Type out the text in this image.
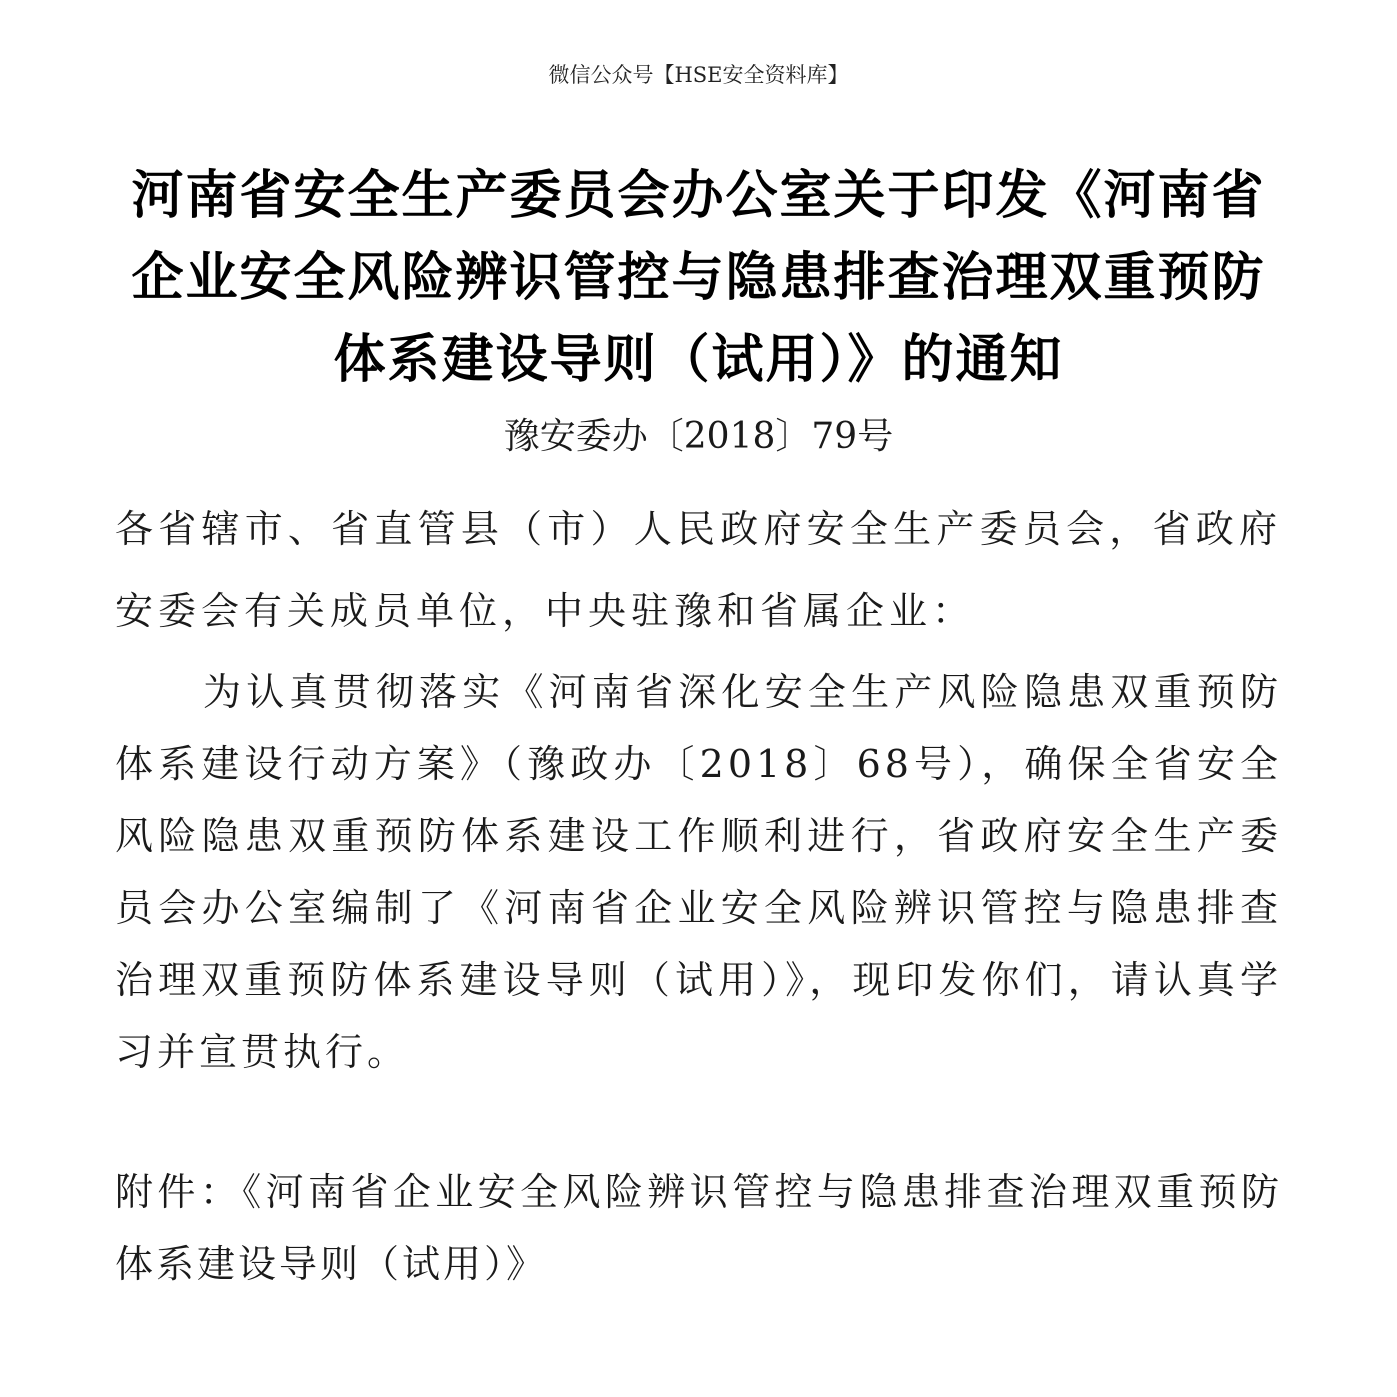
微信公众号【HSE安全资料库】
河南省安全生产委员会办公室关于印发《河南省企业安全风险辨识管控与隐患排查治理双重预防体系建设导则（试用）》的通知
豫安委办〔2018〕79号

各省辖市、省直管县（市）人民政府安全生产委员会，省政府安委会有关成员单位，中央驻豫和省属企业：

为认真贯彻落实《河南省深化安全生产风险隐患双重预防体系建设行动方案》（豫政办〔2018〕68号），确保全省安全风险隐患双重预防体系建设工作顺利进行，省政府安全生产委员会办公室编制了《河南省企业安全风险辨识管控与隐患排查治理双重预防体系建设导则（试用）》，现印发你们，请认真学习并宣贯执行。

附件：《河南省企业安全风险辨识管控与隐患排查治理双重预防体系建设导则（试用）》
